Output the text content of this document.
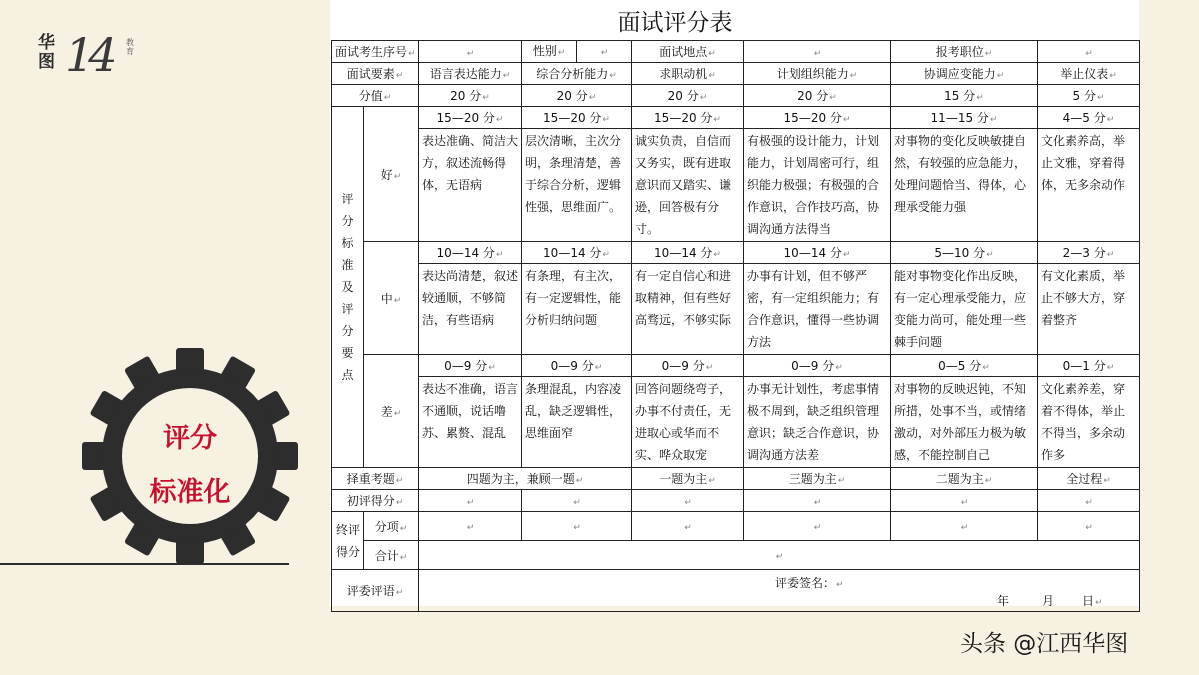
华图 14 教育
评分
标准化
面试评分表
面试考生序号↵		↵	性别↵ ↵	面试地点↵	↵	报考职位↵	↵
面试要素↵		语言表达能力↵	综合分析能力↵	求职动机↵	计划组织能力↵	协调应变能力↵	举止仪表↵
分值↵		20 分↵	20 分↵	20 分↵	20 分↵	15 分↵	5 分↵

评分标准及评分要点	好↵	15—20 分↵	15—20 分↵	15—20 分↵	15—20 分↵	11—15 分↵	4—5 分↵
		表达准确、简洁大方，叙述流畅得体，无语病	层次清晰，主次分明，条理清楚，善于综合分析，逻辑性强，思维面广。	诚实负责，自信而又务实，既有进取意识而又踏实、谦逊，回答极有分寸。	有极强的设计能力，计划能力，计划周密可行，组织能力极强；有极强的合作意识，合作技巧高，协调沟通方法得当	对事物的变化反映敏捷自然，有较强的应急能力，处理问题恰当、得体，心理承受能力强	文化素养高，举止文雅，穿着得体，无多余动作
	中↵	10—14 分↵	10—14 分↵	10—14 分↵	10—14 分↵	5—10 分↵	2—3 分↵
		表达尚清楚，叙述较通顺，不够简洁，有些语病	有条理，有主次，有一定逻辑性，能分析归纳问题	有一定自信心和进取精神，但有些好高骛远，不够实际	办事有计划，但不够严密，有一定组织能力；有合作意识，懂得一些协调方法	能对事物变化作出反映，有一定心理承受能力，应变能力尚可，能处理一些棘手问题	有文化素质，举止不够大方，穿着整齐
	差↵	0—9 分↵	0—9 分↵	0—9 分↵	0—9 分↵	0—5 分↵	0—1 分↵
		表达不准确，语言不通顺，说话噜苏、累赘、混乱	条理混乱，内容凌乱，缺乏逻辑性，思维面窄	回答问题绕弯子，办事不付责任，无进取心或华而不实、哗众取宠	办事无计划性，考虑事情极不周到，缺乏组织管理意识；缺乏合作意识，协调沟通方法差	对事物的反映迟钝，不知所措，处事不当，或情绪激动，对外部压力极为敏感，不能控制自己	文化素养差，穿着不得体，举止不得当，多余动作多
择重考题↵		四题为主，兼顾一题↵		一题为主↵	三题为主↵	二题为主↵	全过程↵
初评得分↵		↵	↵	↵	↵	↵	↵

终评得分	分项↵	↵	↵	↵	↵	↵	↵
	合计↵	↵					
评委评语↵		评委签名：↵
年 月 日↵					
头条 @江西华图
